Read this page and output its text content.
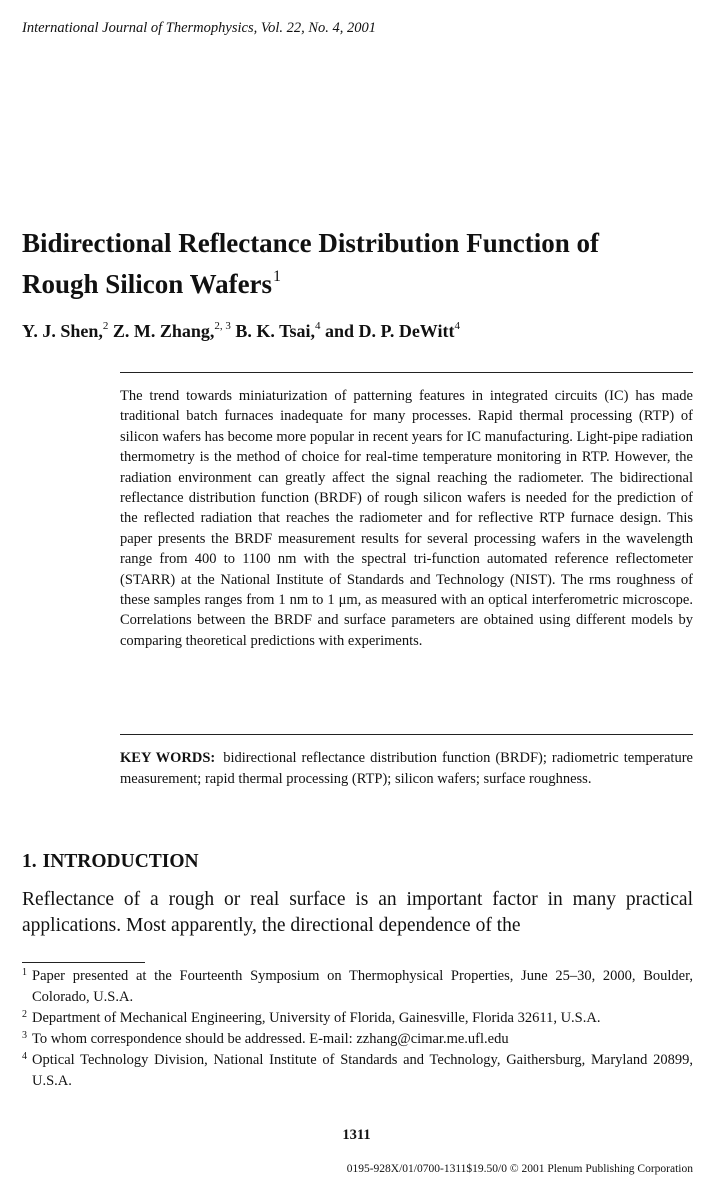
International Journal of Thermophysics, Vol. 22, No. 4, 2001
Bidirectional Reflectance Distribution Function of
Rough Silicon Wafers$^1$
Y. J. Shen,$^2$ Z. M. Zhang,$^{2, 3}$ B. K. Tsai,$^4$ and D. P. DeWitt$^4$
The trend towards miniaturization of patterning features in integrated circuits (IC) has made traditional batch furnaces inadequate for many processes. Rapid thermal processing (RTP) of silicon wafers has become more popular in recent years for IC manufacturing. Light-pipe radiation thermometry is the method of choice for real-time temperature monitoring in RTP. However, the radiation environment can greatly affect the signal reaching the radiometer. The bidirectional reflectance distribution function (BRDF) of rough silicon wafers is needed for the prediction of the reflected radiation that reaches the radiometer and for reflective RTP furnace design. This paper presents the BRDF measurement results for several processing wafers in the wavelength range from 400 to 1100 nm with the spectral tri-function automated reference reflectometer (STARR) at the National Institute of Standards and Technology (NIST). The rms roughness of these samples ranges from 1 nm to 1 μm, as measured with an optical interferometric microscope. Correlations between the BRDF and surface parameters are obtained using different models by comparing theoretical predictions with experiments.
KEY WORDS: bidirectional reflectance distribution function (BRDF); radiometric temperature measurement; rapid thermal processing (RTP); silicon wafers; surface roughness.
1. INTRODUCTION
Reflectance of a rough or real surface is an important factor in many practical applications. Most apparently, the directional dependence of the
1 Paper presented at the Fourteenth Symposium on Thermophysical Properties, June 25–30, 2000, Boulder, Colorado, U.S.A.
2 Department of Mechanical Engineering, University of Florida, Gainesville, Florida 32611, U.S.A.
3 To whom correspondence should be addressed. E-mail: zzhang@cimar.me.ufl.edu
4 Optical Technology Division, National Institute of Standards and Technology, Gaithersburg, Maryland 20899, U.S.A.
1311
0195-928X/01/0700-1311$19.50/0 © 2001 Plenum Publishing Corporation
